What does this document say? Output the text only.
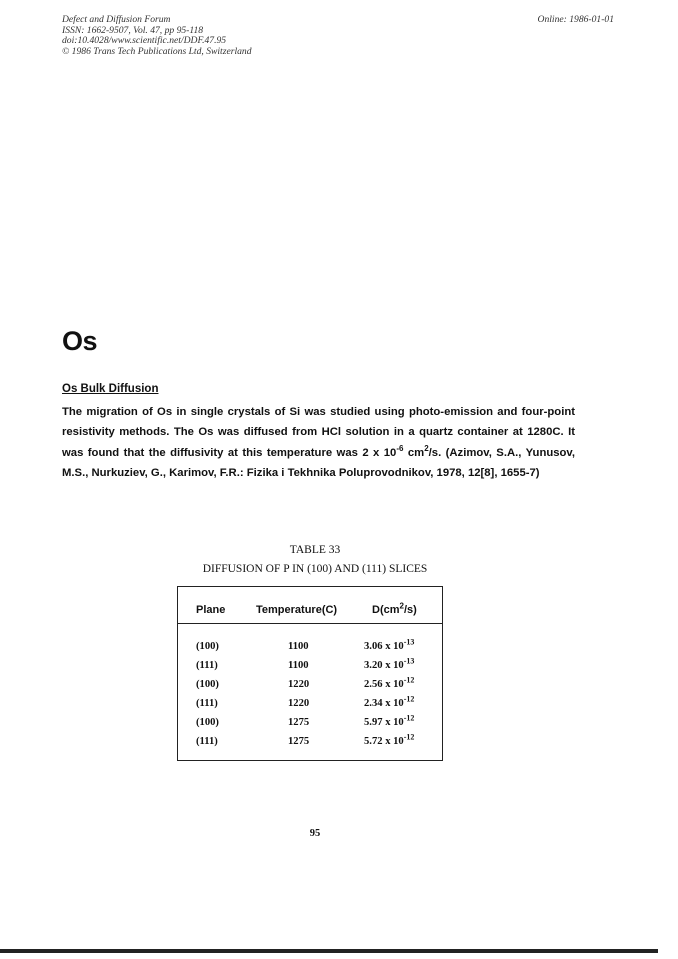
Defect and Diffusion Forum
ISSN: 1662-9507, Vol. 47, pp 95-118
doi:10.4028/www.scientific.net/DDF.47.95
© 1986 Trans Tech Publications Ltd, Switzerland
Online: 1986-01-01
Os
Os Bulk Diffusion
The migration of Os in single crystals of Si was studied using photo-emission and four-point resistivity methods. The Os was diffused from HCl solution in a quartz container at 1280C. It was found that the diffusivity at this temperature was 2 x $10^{-6}$ $cm^2/s$. (Azimov, S.A., Yunusov, M.S., Nurkuziev, G., Karimov, F.R.: Fizika i Tekhnika Poluprovodnikov, 1978, 12[8], 1655-7)
TABLE 33
DIFFUSION OF P IN (100) AND (111) SLICES
Plane	Temperature(C)	$D(cm^2/s)$
(100)	1100	3.06 x $10^{-13}$
(111)	1100	3.20 x $10^{-13}$
(100)	1220	2.56 x $10^{-12}$
(111)	1220	2.34 x $10^{-12}$
(100)	1275	5.97 x $10^{-12}$
(111)	1275	5.72 x $10^{-12}$
95
